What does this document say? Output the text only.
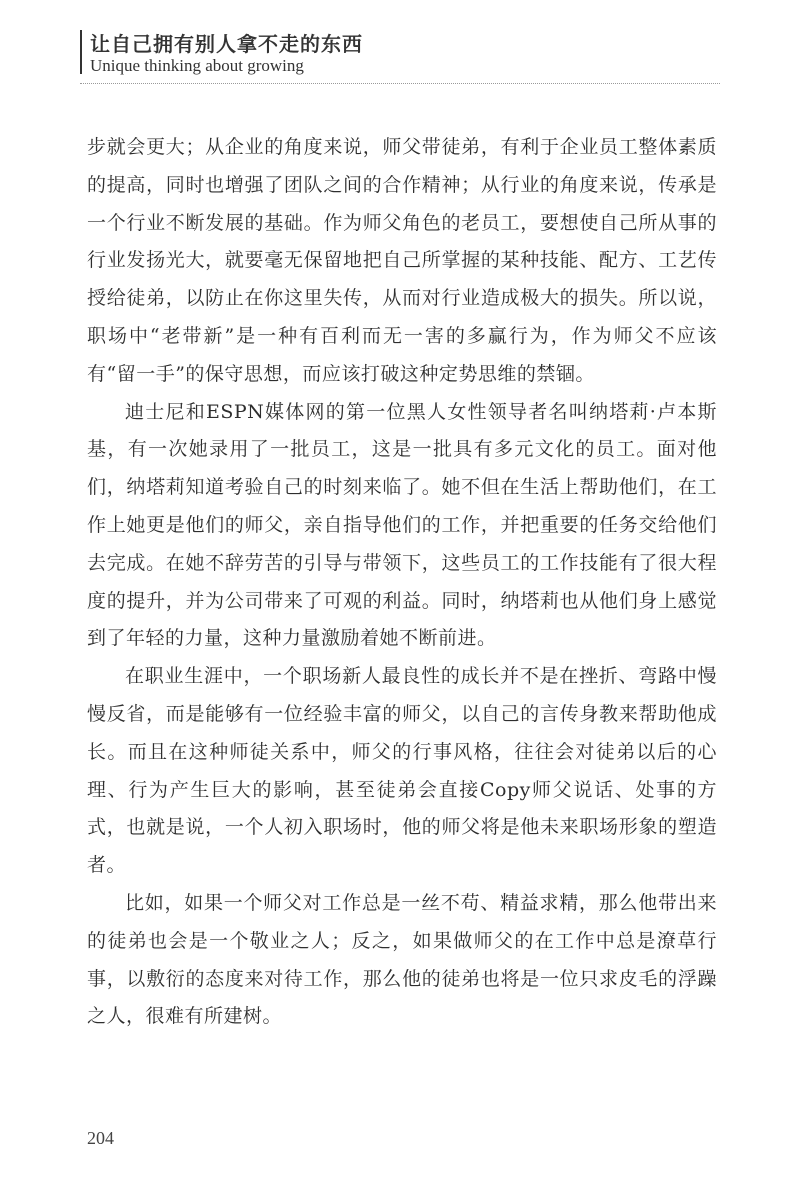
让自己拥有别人拿不走的东西
Unique thinking about growing

步就会更大；从企业的角度来说，师父带徒弟，有利于企业员工整体素质的提高，同时也增强了团队之间的合作精神；从行业的角度来说，传承是一个行业不断发展的基础。作为师父角色的老员工，要想使自己所从事的行业发扬光大，就要毫无保留地把自己所掌握的某种技能、配方、工艺传授给徒弟，以防止在你这里失传，从而对行业造成极大的损失。所以说，职场中“老带新”是一种有百利而无一害的多赢行为，作为师父不应该有“留一手”的保守思想，而应该打破这种定势思维的禁锢。

迪士尼和ESPN媒体网的第一位黑人女性领导者名叫纳塔莉·卢本斯基，有一次她录用了一批员工，这是一批具有多元文化的员工。面对他们，纳塔莉知道考验自己的时刻来临了。她不但在生活上帮助他们，在工作上她更是他们的师父，亲自指导他们的工作，并把重要的任务交给他们去完成。在她不辞劳苦的引导与带领下，这些员工的工作技能有了很大程度的提升，并为公司带来了可观的利益。同时，纳塔莉也从他们身上感觉到了年轻的力量，这种力量激励着她不断前进。

在职业生涯中，一个职场新人最良性的成长并不是在挫折、弯路中慢慢反省，而是能够有一位经验丰富的师父，以自己的言传身教来帮助他成长。而且在这种师徒关系中，师父的行事风格，往往会对徒弟以后的心理、行为产生巨大的影响，甚至徒弟会直接Copy师父说话、处事的方式，也就是说，一个人初入职场时，他的师父将是他未来职场形象的塑造者。

比如，如果一个师父对工作总是一丝不苟、精益求精，那么他带出来的徒弟也会是一个敬业之人；反之，如果做师父的在工作中总是潦草行事，以敷衍的态度来对待工作，那么他的徒弟也将是一位只求皮毛的浮躁之人，很难有所建树。

204
